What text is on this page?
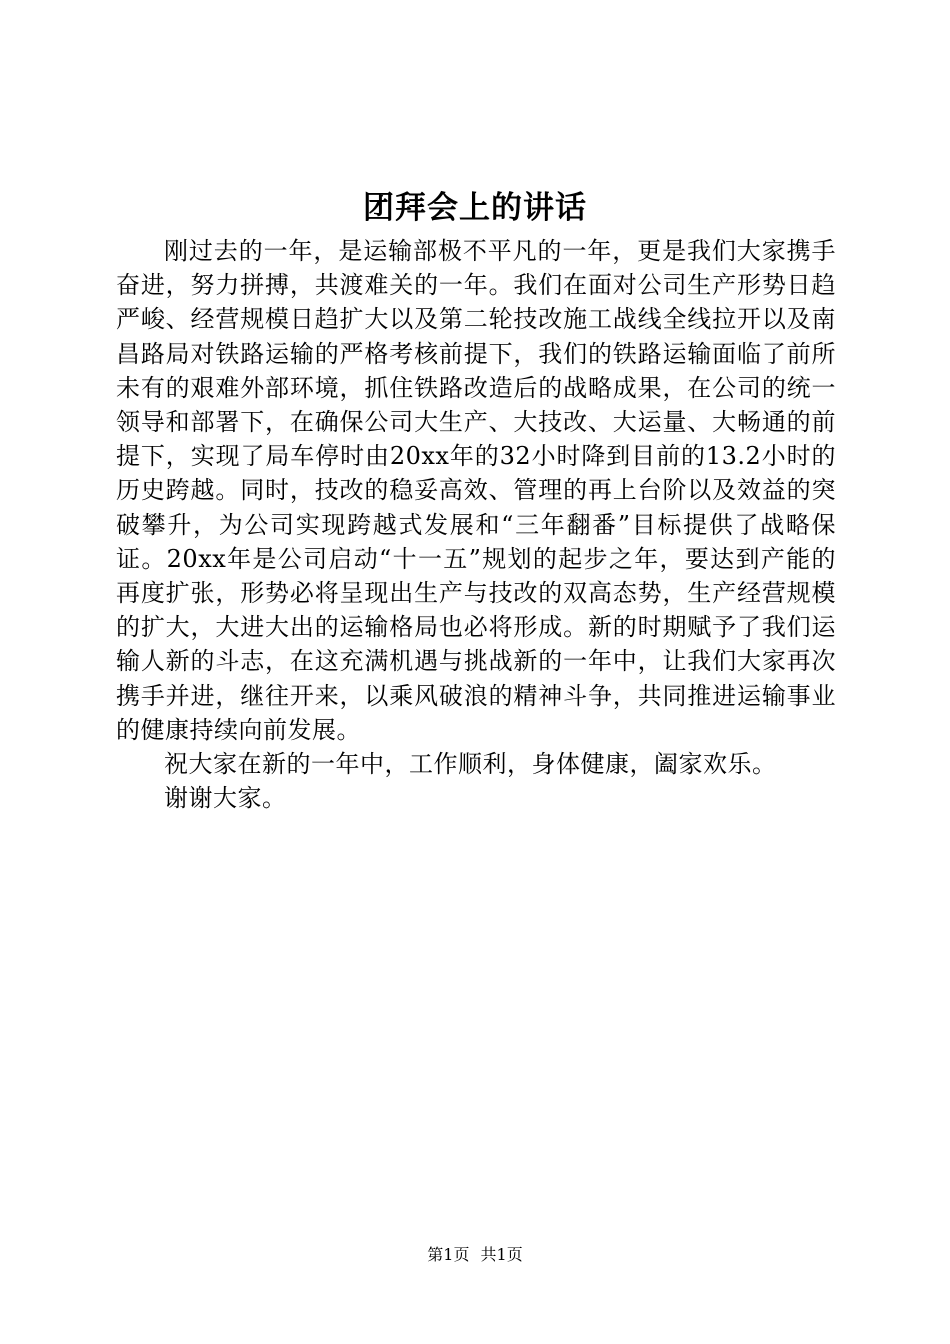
团拜会上的讲话

刚过去的一年，是运输部极不平凡的一年，更是我们大家携手奋进，努力拼搏，共渡难关的一年。我们在面对公司生产形势日趋严峻、经营规模日趋扩大以及第二轮技改施工战线全线拉开以及南昌路局对铁路运输的严格考核前提下，我们的铁路运输面临了前所未有的艰难外部环境，抓住铁路改造后的战略成果，在公司的统一领导和部署下，在确保公司大生产、大技改、大运量、大畅通的前提下，实现了局车停时由20xx年的32小时降到目前的13.2小时的历史跨越。同时，技改的稳妥高效、管理的再上台阶以及效益的突破攀升，为公司实现跨越式发展和“三年翻番”目标提供了战略保证。20xx年是公司启动“十一五”规划的起步之年，要达到产能的再度扩张，形势必将呈现出生产与技改的双高态势，生产经营规模的扩大，大进大出的运输格局也必将形成。新的时期赋予了我们运输人新的斗志，在这充满机遇与挑战新的一年中，让我们大家再次携手并进，继往开来，以乘风破浪的精神斗争，共同推进运输事业的健康持续向前发展。

祝大家在新的一年中，工作顺利，身体健康，阖家欢乐。

谢谢大家。

第1页 共1页
